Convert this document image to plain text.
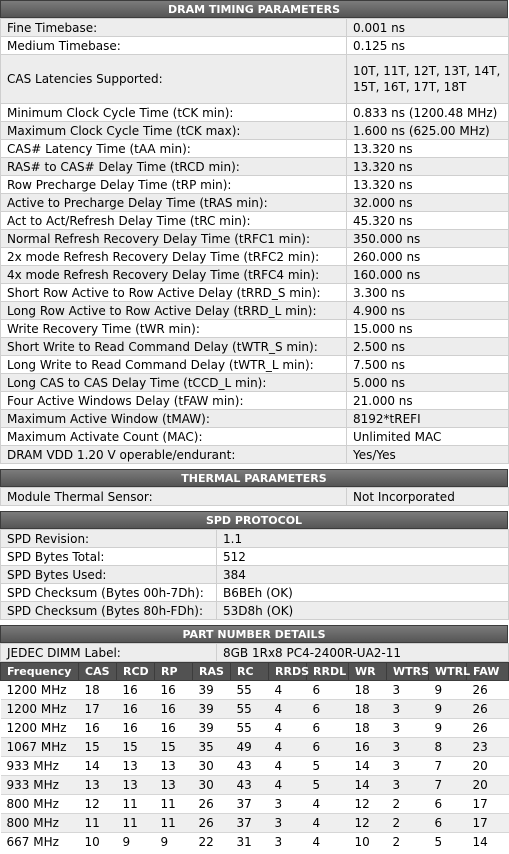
DRAM TIMING PARAMETERS
Fine Timebase:	0.001 ns
Medium Timebase:	0.125 ns
CAS Latencies Supported:	10T, 11T, 12T, 13T, 14T, 15T, 16T, 17T, 18T
Minimum Clock Cycle Time (tCK min):	0.833 ns (1200.48 MHz)
Maximum Clock Cycle Time (tCK max):	1.600 ns (625.00 MHz)
CAS# Latency Time (tAA min):	13.320 ns
RAS# to CAS# Delay Time (tRCD min):	13.320 ns
Row Precharge Delay Time (tRP min):	13.320 ns
Active to Precharge Delay Time (tRAS min):	32.000 ns
Act to Act/Refresh Delay Time (tRC min):	45.320 ns
Normal Refresh Recovery Delay Time (tRFC1 min):	350.000 ns
2x mode Refresh Recovery Delay Time (tRFC2 min):	260.000 ns
4x mode Refresh Recovery Delay Time (tRFC4 min):	160.000 ns
Short Row Active to Row Active Delay (tRRD_S min):	3.300 ns
Long Row Active to Row Active Delay (tRRD_L min):	4.900 ns
Write Recovery Time (tWR min):	15.000 ns
Short Write to Read Command Delay (tWTR_S min):	2.500 ns
Long Write to Read Command Delay (tWTR_L min):	7.500 ns
Long CAS to CAS Delay Time (tCCD_L min):	5.000 ns
Four Active Windows Delay (tFAW min):	21.000 ns
Maximum Active Window (tMAW):	8192*tREFI
Maximum Activate Count (MAC):	Unlimited MAC
DRAM VDD 1.20 V operable/endurant:	Yes/Yes
THERMAL PARAMETERS
Module Thermal Sensor:	Not Incorporated
SPD PROTOCOL
SPD Revision:	1.1
SPD Bytes Total:	512
SPD Bytes Used:	384
SPD Checksum (Bytes 00h-7Dh):	B6BEh (OK)
SPD Checksum (Bytes 80h-FDh):	53D8h (OK)
PART NUMBER DETAILS
JEDEC DIMM Label:	8GB 1Rx8 PC4-2400R-UA2-11
Frequency	CAS	RCD	RP	RAS	RC	RRDS	RRDL	WR	WTRS	WTRL	FAW
1200 MHz	18	16	16	39	55	4	6	18	3	9	26
1200 MHz	17	16	16	39	55	4	6	18	3	9	26
1200 MHz	16	16	16	39	55	4	6	18	3	9	26
1067 MHz	15	15	15	35	49	4	6	16	3	8	23
933 MHz	14	13	13	30	43	4	5	14	3	7	20
933 MHz	13	13	13	30	43	4	5	14	3	7	20
800 MHz	12	11	11	26	37	3	4	12	2	6	17
800 MHz	11	11	11	26	37	3	4	12	2	6	17
667 MHz	10	9	9	22	31	3	4	10	2	5	14
